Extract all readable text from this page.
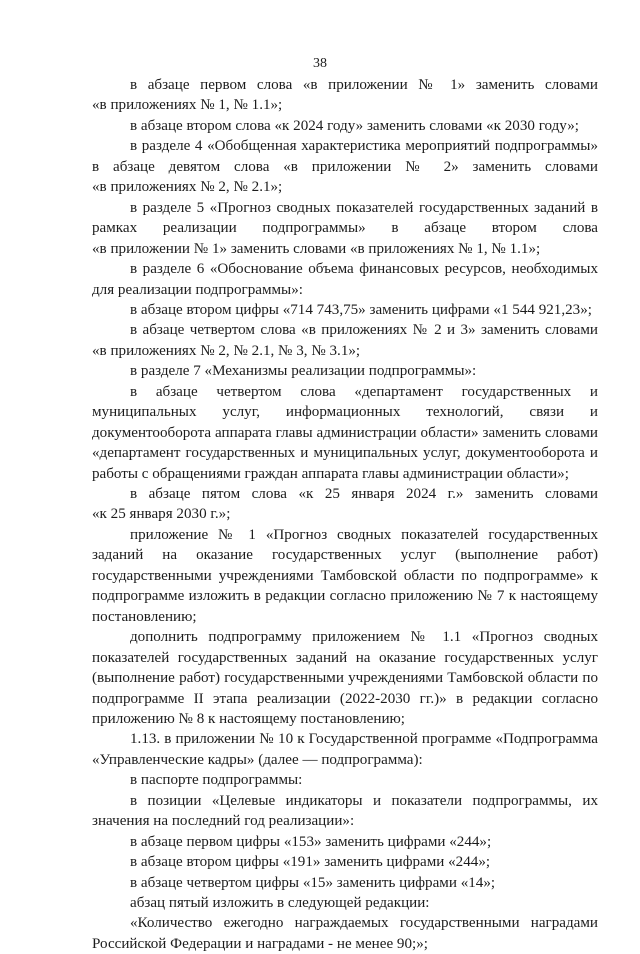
38
в абзаце первом слова «в приложении № 1» заменить словами
«в приложениях № 1, № 1.1»;
в абзаце втором слова «к 2024 году» заменить словами «к 2030 году»;
в разделе 4 «Обобщенная характеристика мероприятий подпрограммы»
в абзаце девятом слова «в приложении № 2» заменить словами
«в приложениях № 2, № 2.1»;
в разделе 5 «Прогноз сводных показателей государственных заданий в
рамках реализации подпрограммы» в абзаце втором слова
«в приложении № 1» заменить словами «в приложениях № 1, № 1.1»;
в разделе 6 «Обоснование объема финансовых ресурсов, необходимых
для реализации подпрограммы»:
в абзаце втором цифры «714 743,75» заменить цифрами «1 544 921,23»;
в абзаце четвертом слова «в приложениях № 2 и 3» заменить словами
«в приложениях № 2, № 2.1, № 3, № 3.1»;
в разделе 7 «Механизмы реализации подпрограммы»:
в абзаце четвертом слова «департамент государственных и
муниципальных услуг, информационных технологий, связи и
документооборота аппарата главы администрации области» заменить словами
«департамент государственных и муниципальных услуг, документооборота и
работы с обращениями граждан аппарата главы администрации области»;
в абзаце пятом слова «к 25 января 2024 г.» заменить словами
«к 25 января 2030 г.»;
приложение № 1 «Прогноз сводных показателей государственных
заданий на оказание государственных услуг (выполнение работ)
государственными учреждениями Тамбовской области по подпрограмме» к
подпрограмме изложить в редакции согласно приложению № 7 к настоящему
постановлению;
дополнить подпрограмму приложением № 1.1 «Прогноз сводных
показателей государственных заданий на оказание государственных услуг
(выполнение работ) государственными учреждениями Тамбовской области по
подпрограмме II этапа реализации (2022-2030 гг.)» в редакции согласно
приложению № 8 к настоящему постановлению;
1.13. в приложении № 10 к Государственной программе «Подпрограмма
«Управленческие кадры» (далее — подпрограмма):
в паспорте подпрограммы:
в позиции «Целевые индикаторы и показатели подпрограммы, их
значения на последний год реализации»:
в абзаце первом цифры «153» заменить цифрами «244»;
в абзаце втором цифры «191» заменить цифрами «244»;
в абзаце четвертом цифры «15» заменить цифрами «14»;
абзац пятый изложить в следующей редакции:
«Количество ежегодно награждаемых государственными наградами
Российской Федерации и наградами - не менее 90;»;
